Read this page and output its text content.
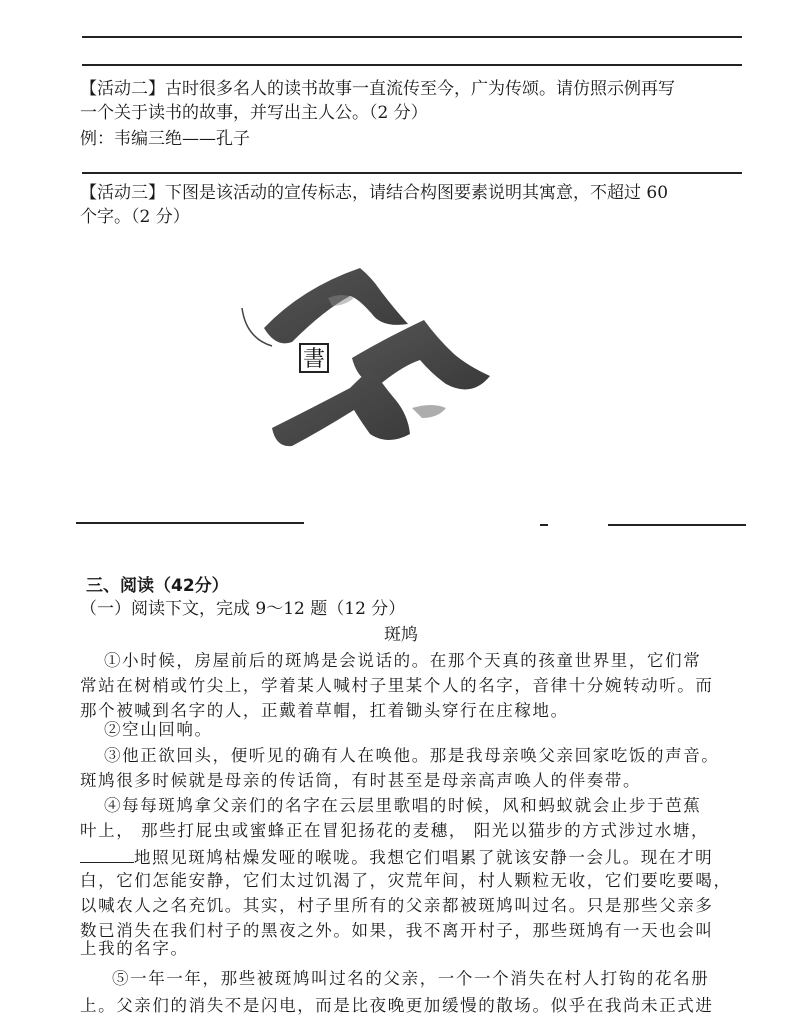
【活动二】古时很多名人的读书故事一直流传至今，广为传颂。请仿照示例再写
一个关于读书的故事，并写出主人公。（2 分）
例：韦编三绝——孔子
【活动三】下图是该活动的宣传标志，请结合构图要素说明其寓意，不超过 60
个字。（2 分）
書
三、阅读（42分）
（一）阅读下文，完成 9～12 题（12 分）
斑鸠
①小时候，房屋前后的斑鸠是会说话的。在那个天真的孩童世界里，它们常
常站在树梢或竹尖上，学着某人喊村子里某个人的名字，音律十分婉转动听。而
那个被喊到名字的人，正戴着草帽，扛着锄头穿行在庄稼地。
②空山回响。
③他正欲回头，便听见的确有人在唤他。那是我母亲唤父亲回家吃饭的声音。
斑鸠很多时候就是母亲的传话筒，有时甚至是母亲高声唤人的伴奏带。
④每每斑鸠拿父亲们的名字在云层里歌唱的时候，风和蚂蚁就会止步于芭蕉
叶上， 那些打屁虫或蜜蜂正在冒犯扬花的麦穗， 阳光以猫步的方式涉过水塘，
地照见斑鸠枯燥发哑的喉咙。我想它们唱累了就该安静一会儿。现在才明
白，它们怎能安静，它们太过饥渴了，灾荒年间，村人颗粒无收，它们要吃要喝，
以喊农人之名充饥。其实，村子里所有的父亲都被斑鸠叫过名。只是那些父亲多
数已消失在我们村子的黑夜之外。如果，我不离开村子，那些斑鸠有一天也会叫
上我的名字。
⑤一年一年，那些被斑鸠叫过名的父亲，一个一个消失在村人打钩的花名册
上。父亲们的消失不是闪电，而是比夜晚更加缓慢的散场。似乎在我尚未正式进
